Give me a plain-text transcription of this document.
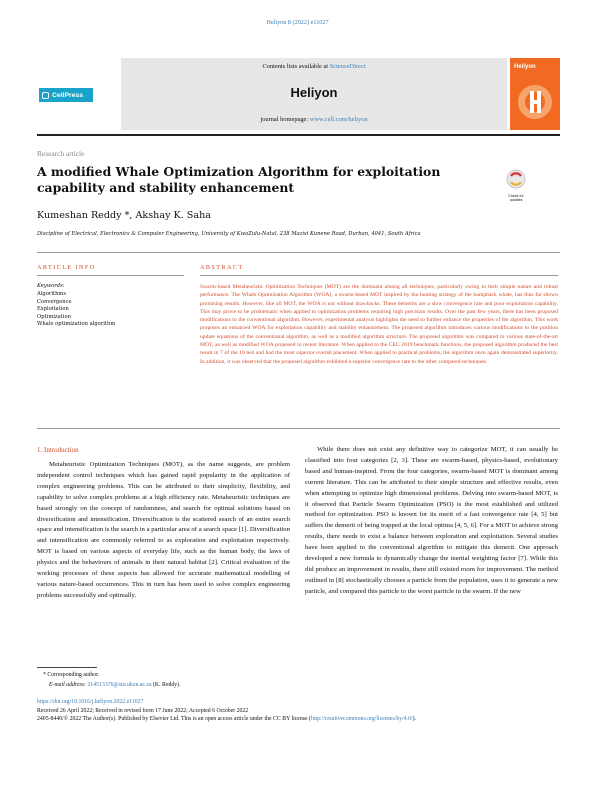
Heliyon 8 (2022) e11027
CellPress
Contents lists available at ScienceDirect
Heliyon
journal homepage: www.cell.com/heliyon
Heliyon
Research article
A modified Whale Optimization Algorithm for exploitation capability and stability enhancement
Check for updates
Kumeshan Reddy *, Akshay K. Saha
Discipline of Electrical, Electronics & Computer Engineering, University of KwaZulu-Natal, 238 Mazisi Kunene Road, Durban, 4041, South Africa
ARTICLE INFO	ABSTRACT
Keywords:
Algorithms
Convergence
Exploitation
Optimization
Whale optimization algorithm
Swarm-based Metaheuristic Optimization Techniques (MOT) are the dominant among all techniques, particularly owing to their simple nature and robust performance. The Whale Optimization Algorithm (WOA), a swarm-based MOT inspired by the hunting strategy of the humpback whale, has thus far shown promising results. However, like all MOT, the WOA is not without drawbacks. These demerits are a slow convergence rate and poor exploitation capability. This may prove to be problematic when applied to optimization problems requiring high precision results. Over the past few years, there has been proposed modifications to the conventional algorithm. However, experimental analysis highlights the need to further enhance the properties of the algorithm. This work proposes an enhanced WOA for exploitation capability and stability enhancement. The proposed algorithm introduces various modifications to the position update equations of the conventional algorithm, as well as a modified algorithm structure. The proposed algorithm was compared to various state-of-the-art MOT, as well as modified WOA proposed in recent literature. When applied to the CEC 2019 benchmark functions, the proposed algorithm produced the best result in 7 of the 10 test and had the most superior overall placement. When applied to practical problems, the algorithm once again demonstrated superiority. In addition, it was observed that the proposed algorithm exhibited a superior convergence rate to the other compared techniques.
1. Introduction

Metaheuristic Optimization Techniques (MOT), as the name suggests, are problem independent control techniques which has gained rapid popularity in the application of complex engineering problems. This can be attributed to their simplicity, flexibility, and capability to solve complex problems at a high efficiency rate. Metaheuristic techniques are based strongly on the concept of randomness, and search for optimal solutions based on diversification and intensification. Diversification is the scattered search of an entire search space and intensification is the search in a particular area of a search space [1]. Diversification and intensification are commonly referred to as exploration and exploitation respectively. MOT is based on various aspects of everyday life, such as the human body, the laws of physics and the behaviours of animals in their natural habitat [2]. Critical evaluation of the working processes of these aspects has allowed for accurate mathematical modelling of various nature-based occurrences. This in turn has been used to solve complex engineering problems successfully and optimally.

While there does not exist any definitive way to categorize MOT, it can usually be classified into four categories [2, 3]. These are swarm-based, physics-based, evolutionary based and human-inspired. From the four categories, swarm-based MOT is dominant among current literature. This can be attributed to their simple structure and effective results, even when attempting to optimize high dimensional problems. Delving into swarm-based MOT, is it observed that Particle Swarm Optimization (PSO) is the most established and utilized method for optimization. PSO is known for its merit of a fast convergence rate [4, 5] but suffers the demerit of being trapped at the local optima [4, 5, 6]. For a MOT to achieve strong results, there needs to exist a balance between exploration and exploitation. Several studies have been applied to the conventional algorithm to mitigate this demerit. One approach developed a new formula to dynamically change the inertial weighting factor [7]. While this did produce an improvement in results, there still existed room for improvement. The method outlined in [8] stochastically chooses a particle from the population, uses it to generate a new particle, and compared this particle to the worst particle in the swarm. If the new

* Corresponding author.
E-mail address: 214513376@stu.ukzn.ac.za (K. Reddy).
https://doi.org/10.1016/j.heliyon.2022.e11027
Received 26 April 2022; Received in revised form 17 June 2022; Accepted 6 October 2022
2405-8440/© 2022 The Author(s). Published by Elsevier Ltd. This is an open access article under the CC BY license (http://creativecommons.org/licenses/by/4.0/).
